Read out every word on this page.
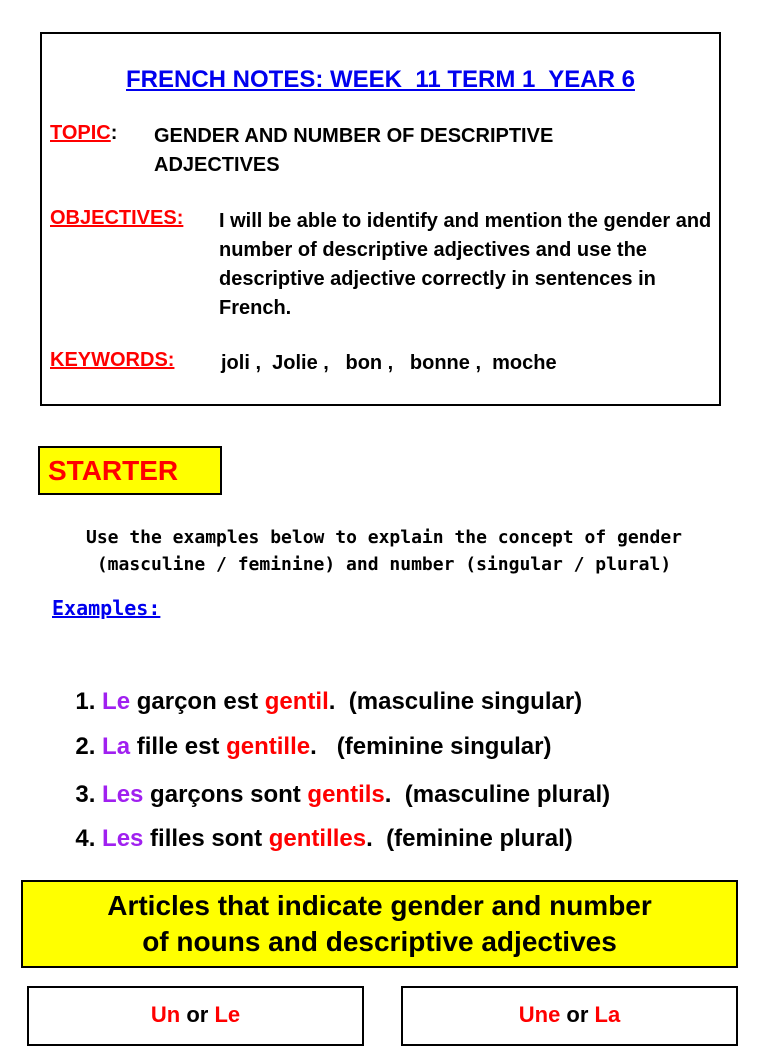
FRENCH NOTES: WEEK  11 TERM 1  YEAR 6
TOPIC: GENDER AND NUMBER OF DESCRIPTIVE ADJECTIVES
OBJECTIVES: I will be able to identify and mention the gender and number of descriptive adjectives and use the descriptive adjective correctly in sentences in French.
KEYWORDS: joli ,  Jolie ,   bon ,   bonne ,  moche
STARTER
Use the examples below to explain the concept of gender (masculine / feminine) and number (singular / plural)
Examples:

1. Le garçon est gentil.  (masculine singular)

2. La fille est gentille.   (feminine singular)

3. Les garçons sont gentils.  (masculine plural)

4. Les filles sont gentilles.  (feminine plural)

Articles that indicate gender and number
of nouns and descriptive adjectives
Un or Le	Une or La
